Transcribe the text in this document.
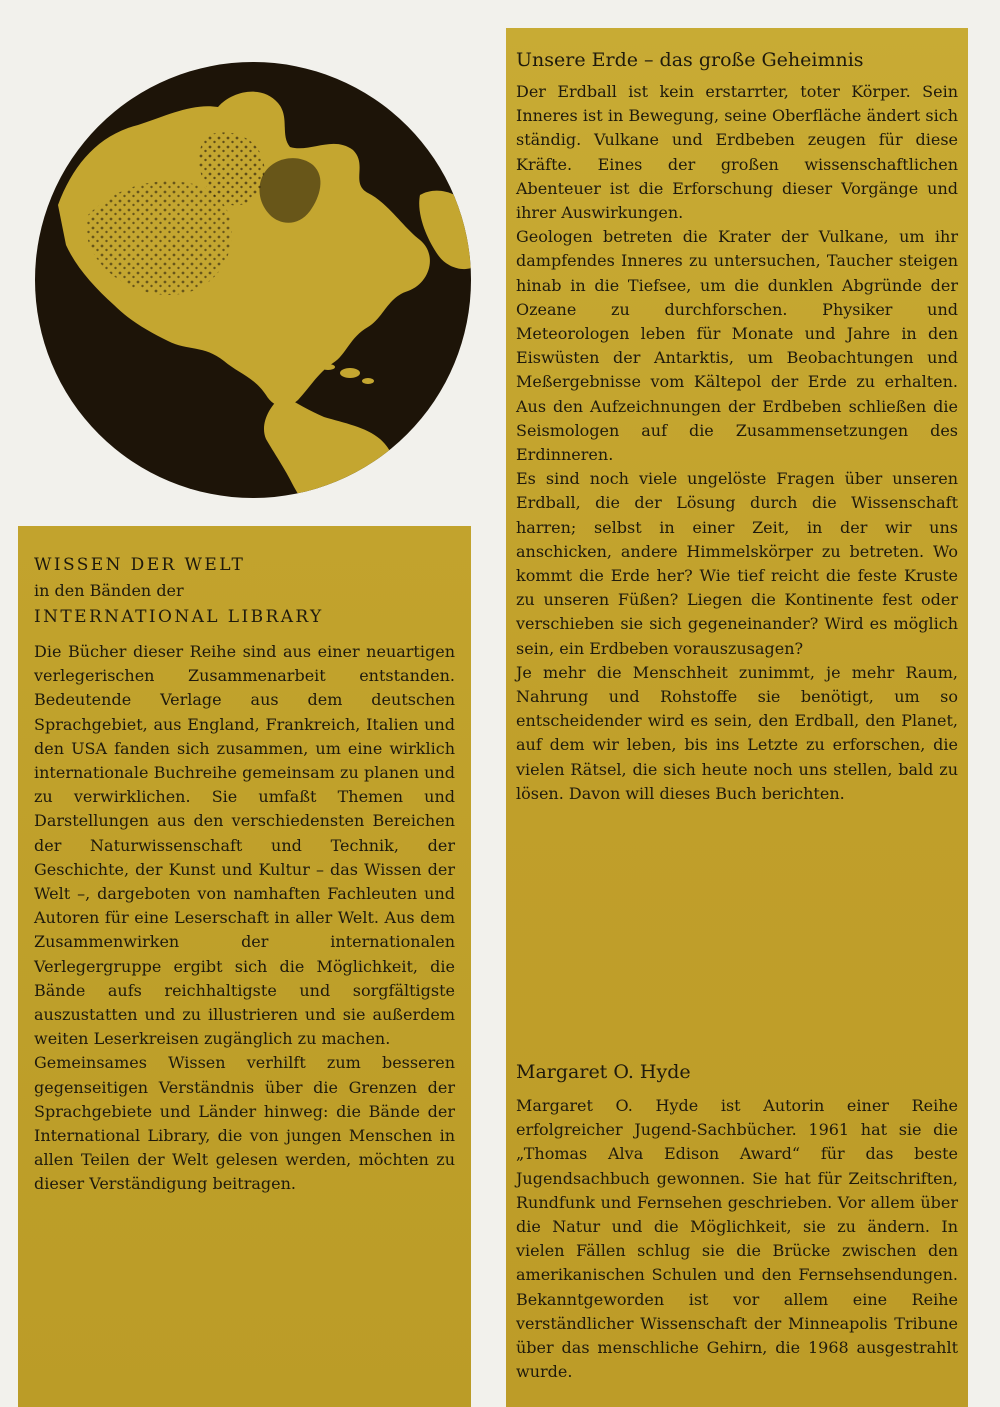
Unsere Erde – das große Geheimnis

Der Erdball ist kein erstarrter, toter Körper. Sein Inneres ist in Bewegung, seine Oberfläche ändert sich ständig. Vulkane und Erdbeben zeugen für diese Kräfte. Eines der großen wissenschaftlichen Abenteuer ist die Erforschung dieser Vorgänge und ihrer Auswirkungen.

Geologen betreten die Krater der Vulkane, um ihr dampfendes Inneres zu untersuchen, Taucher steigen hinab in die Tiefsee, um die dunklen Abgründe der Ozeane zu durchforschen. Physiker und Meteorologen leben für Monate und Jahre in den Eiswüsten der Antarktis, um Beobachtungen und Meßergebnisse vom Kältepol der Erde zu erhalten. Aus den Aufzeichnungen der Erdbeben schließen die Seismologen auf die Zusammensetzungen des Erdinneren.

Es sind noch viele ungelöste Fragen über unseren Erdball, die der Lösung durch die Wissenschaft harren; selbst in einer Zeit, in der wir uns anschicken, andere Himmelskörper zu betreten. Wo kommt die Erde her? Wie tief reicht die feste Kruste zu unseren Füßen? Liegen die Kontinente fest oder verschieben sie sich gegeneinander? Wird es möglich sein, ein Erdbeben vorauszusagen?

Je mehr die Menschheit zunimmt, je mehr Raum, Nahrung und Rohstoffe sie benötigt, um so entscheidender wird es sein, den Erdball, den Planet, auf dem wir leben, bis ins Letzte zu erforschen, die vielen Rätsel, die sich heute noch uns stellen, bald zu lösen. Davon will dieses Buch berichten.

Margaret O. Hyde

Margaret O. Hyde ist Autorin einer Reihe erfolgreicher Jugend-Sachbücher. 1961 hat sie die „Thomas Alva Edison Award“ für das beste Jugendsachbuch gewonnen. Sie hat für Zeitschriften, Rundfunk und Fernsehen geschrieben. Vor allem über die Natur und die Möglichkeit, sie zu ändern. In vielen Fällen schlug sie die Brücke zwischen den amerikanischen Schulen und den Fernsehsendungen. Bekanntgeworden ist vor allem eine Reihe verständlicher Wissenschaft der Minneapolis Tribune über das menschliche Gehirn, die 1968 ausgestrahlt wurde.

WISSEN DER WELT

in den Bänden der

INTERNATIONAL LIBRARY

Die Bücher dieser Reihe sind aus einer neuartigen verlegerischen Zusammenarbeit entstanden. Bedeutende Verlage aus dem deutschen Sprachgebiet, aus England, Frankreich, Italien und den USA fanden sich zusammen, um eine wirklich internationale Buchreihe gemeinsam zu planen und zu verwirklichen. Sie umfaßt Themen und Darstellungen aus den verschiedensten Bereichen der Naturwissenschaft und Technik, der Geschichte, der Kunst und Kultur – das Wissen der Welt –, dargeboten von namhaften Fachleuten und Autoren für eine Leserschaft in aller Welt. Aus dem Zusammenwirken der internationalen Verlegergruppe ergibt sich die Möglichkeit, die Bände aufs reichhaltigste und sorgfältigste auszustatten und zu illustrieren und sie außerdem weiten Leserkreisen zugänglich zu machen.

Gemeinsames Wissen verhilft zum besseren gegenseitigen Verständnis über die Grenzen der Sprachgebiete und Länder hinweg: die Bände der International Library, die von jungen Menschen in allen Teilen der Welt gelesen werden, möchten zu dieser Verständigung beitragen.
